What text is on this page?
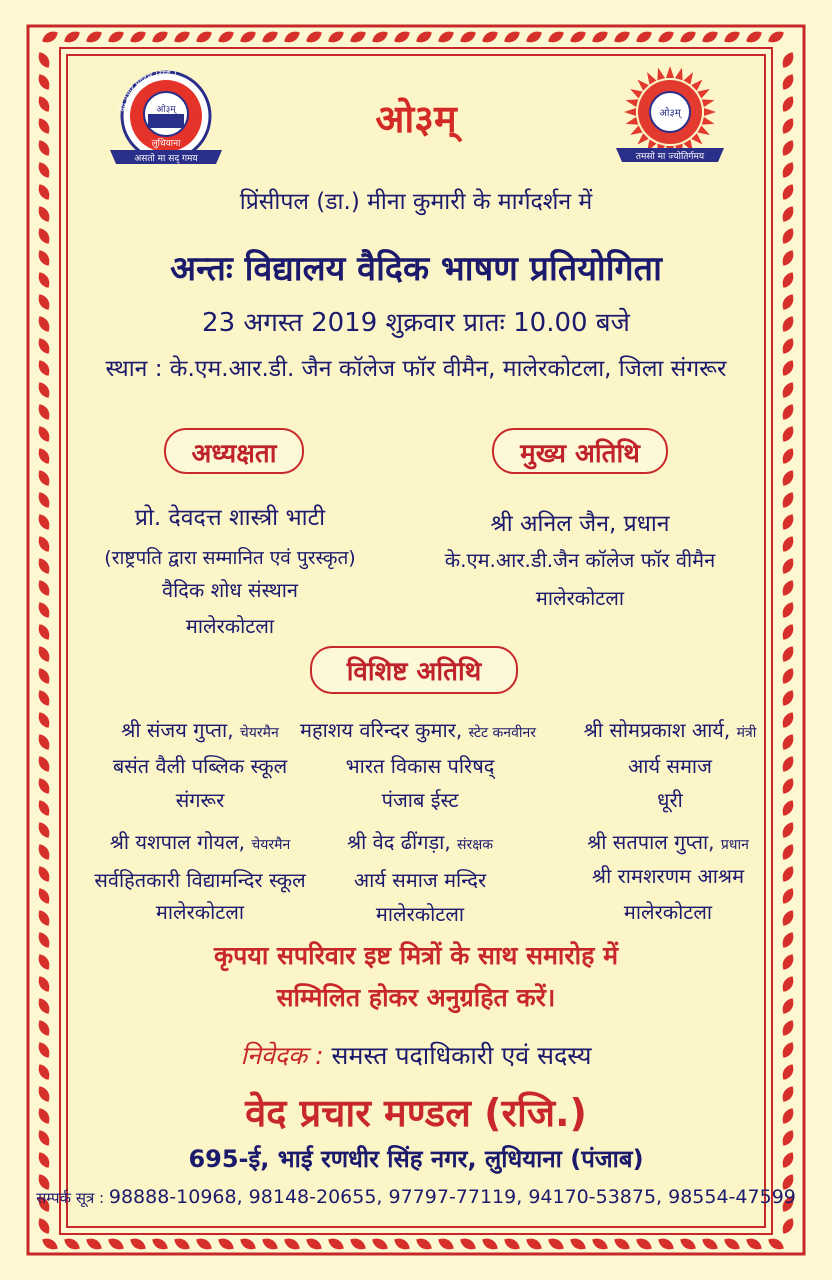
वेद प्रचार मण्डल (रजि.)
ओ३म्
लुधियाना
असतो मा सद् गमय
ओ३म्
तमसो मा ज्योतिर्गमय
ओ३म्
प्रिंसीपल (डा.) मीना कुमारी के मार्गदर्शन में
अन्तः विद्यालय वैदिक भाषण प्रतियोगिता
23 अगस्त 2019 शुक्रवार प्रातः 10.00 बजे
स्थान : के.एम.आर.डी. जैन कॉलेज फॉर वीमैन, मालेरकोटला, जिला संगरूर
अध्यक्षता
प्रो. देवदत्त शास्त्री भाटी
(राष्ट्रपति द्वारा सम्मानित एवं पुरस्कृत)
वैदिक शोध संस्थान
मालेरकोटला
मुख्य अतिथि
श्री अनिल जैन, प्रधान
के.एम.आर.डी.जैन कॉलेज फॉर वीमैन
मालेरकोटला
विशिष्ट अतिथि
श्री संजय गुप्ता, चेयरमैन
बसंत वैली पब्लिक स्कूल
संगरूर
महाशय वरिन्दर कुमार, स्टेट कनवीनर
भारत विकास परिषद्
पंजाब ईस्ट
श्री सोमप्रकाश आर्य, मंत्री
आर्य समाज
धूरी
श्री यशपाल गोयल, चेयरमैन
सर्वहितकारी विद्यामन्दिर स्कूल
मालेरकोटला
श्री वेद ढींगड़ा, संरक्षक
आर्य समाज मन्दिर
मालेरकोटला
श्री सतपाल गुप्ता, प्रधान
श्री रामशरणम आश्रम
मालेरकोटला
कृपया सपरिवार इष्ट मित्रों के साथ समारोह में
सम्मिलित होकर अनुग्रहित करें।
निवेदक : समस्त पदाधिकारी एवं सदस्य
वेद प्रचार मण्डल (रजि.)
695-ई, भाई रणधीर सिंह नगर, लुधियाना (पंजाब)
सम्पर्क सूत्र : 98888-10968, 98148-20655, 97797-77119, 94170-53875, 98554-47599
